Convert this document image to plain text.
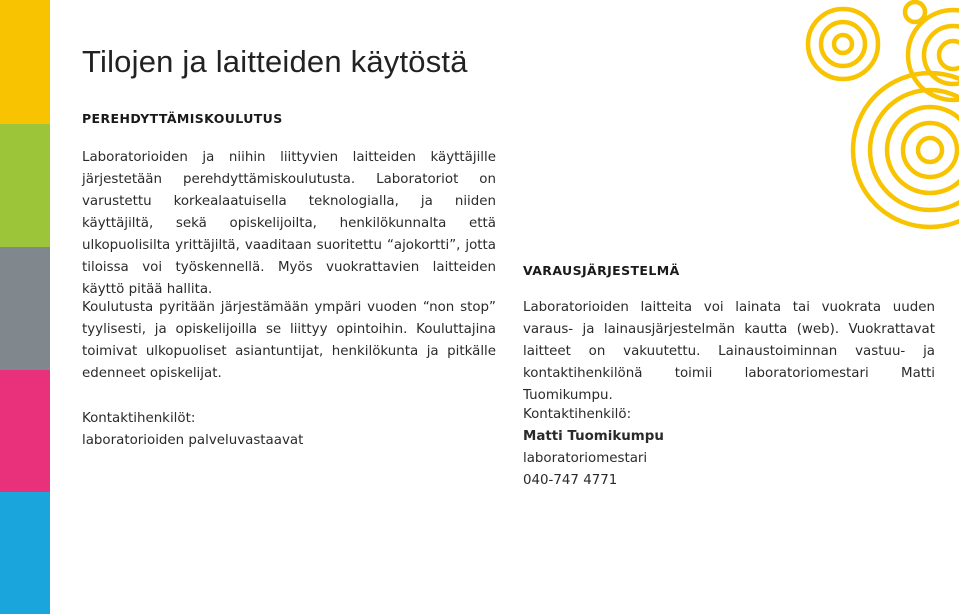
Tilojen ja laitteiden käytöstä
PEREHDYTTÄMISKOULUTUS

Laboratorioiden ja niihin liittyvien laitteiden käyttäjille järjestetään perehdyttämiskoulutusta. Laboratoriot on varustettu korkealaatuisella teknologialla, ja niiden käyttäjiltä, sekä opiskelijoilta, henkilökunnalta että ulkopuolisilta yrittäjiltä, vaaditaan suoritettu “ajokortti”, jotta tiloissa voi työskennellä. Myös vuokrattavien laitteiden käyttö pitää hallita.

Koulutusta pyritään järjestämään ympäri vuoden “non stop” tyylisesti, ja opiskelijoilla se liittyy opintoihin. Kouluttajina toimivat ulkopuoliset asiantuntijat, henkilökunta ja pitkälle edenneet opiskelijat.

Kontaktihenkilöt:
laboratorioiden palveluvastaavat
VARAUSJÄRJESTELMÄ

Laboratorioiden laitteita voi lainata tai vuokrata uuden varaus- ja lainausjärjestelmän kautta (web). Vuokrattavat laitteet on vakuutettu. Lainaustoiminnan vastuu- ja kontaktihenkilönä toimii laboratoriomestari Matti Tuomikumpu.

Kontaktihenkilö:
Matti Tuomikumpu
laboratoriomestari
040-747 4771
